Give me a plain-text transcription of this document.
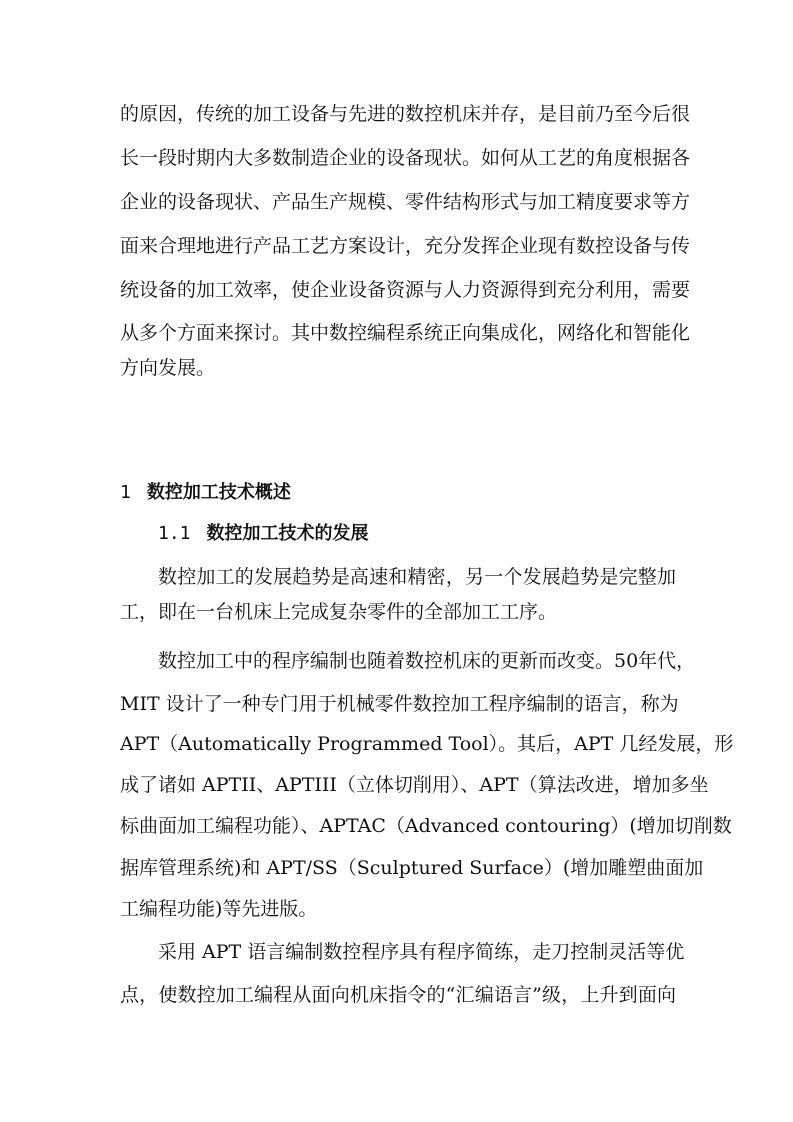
的原因，传统的加工设备与先进的数控机床并存，是目前乃至今后很
长一段时期内大多数制造企业的设备现状。如何从工艺的角度根据各
企业的设备现状、产品生产规模、零件结构形式与加工精度要求等方
面来合理地进行产品工艺方案设计，充分发挥企业现有数控设备与传
统设备的加工效率，使企业设备资源与人力资源得到充分利用，需要
从多个方面来探讨。其中数控编程系统正向集成化，网络化和智能化
方向发展。
1 数控加工技术概述
1.1 数控加工技术的发展
数控加工的发展趋势是高速和精密，另一个发展趋势是完整加
工，即在一台机床上完成复杂零件的全部加工工序。
数控加工中的程序编制也随着数控机床的更新而改变。50年代，
MIT 设计了一种专门用于机械零件数控加工程序编制的语言，称为
APT（Automatically Programmed Tool）。其后，APT 几经发展，形
成了诸如 APTII、APTIII（立体切削用）、APT（算法改进，增加多坐
标曲面加工编程功能）、APTAC（Advanced contouring）(增加切削数
据库管理系统)和 APT/SS（Sculptured Surface）(增加雕塑曲面加
工编程功能)等先进版。
采用 APT 语言编制数控程序具有程序简练，走刀控制灵活等优
点，使数控加工编程从面向机床指令的“汇编语言”级，上升到面向
